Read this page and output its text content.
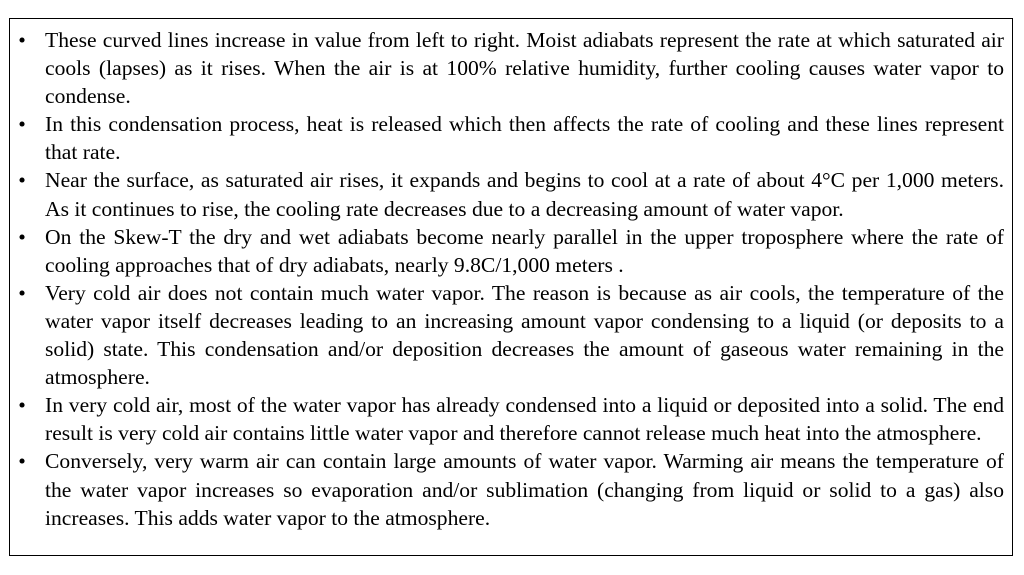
• These curved lines increase in value from left to right. Moist adiabats represent the rate at which saturated air cools (lapses) as it rises. When the air is at 100% relative humidity, further cooling causes water vapor to condense.
• In this condensation process, heat is released which then affects the rate of cooling and these lines represent that rate.
• Near the surface, as saturated air rises, it expands and begins to cool at a rate of about 4°C per 1,000 meters. As it continues to rise, the cooling rate decreases due to a decreasing amount of water vapor.
• On the Skew-T the dry and wet adiabats become nearly parallel in the upper troposphere where the rate of cooling approaches that of dry adiabats, nearly 9.8C/1,000 meters .
• Very cold air does not contain much water vapor. The reason is because as air cools, the temperature of the water vapor itself decreases leading to an increasing amount vapor condensing to a liquid (or deposits to a solid) state. This condensation and/or deposition decreases the amount of gaseous water remaining in the atmosphere.
• In very cold air, most of the water vapor has already condensed into a liquid or deposited into a solid. The end result is very cold air contains little water vapor and therefore cannot release much heat into the atmosphere.
• Conversely, very warm air can contain large amounts of water vapor. Warming air means the temperature of the water vapor increases so evaporation and/or sublimation (changing from liquid or solid to a gas) also increases. This adds water vapor to the atmosphere.
